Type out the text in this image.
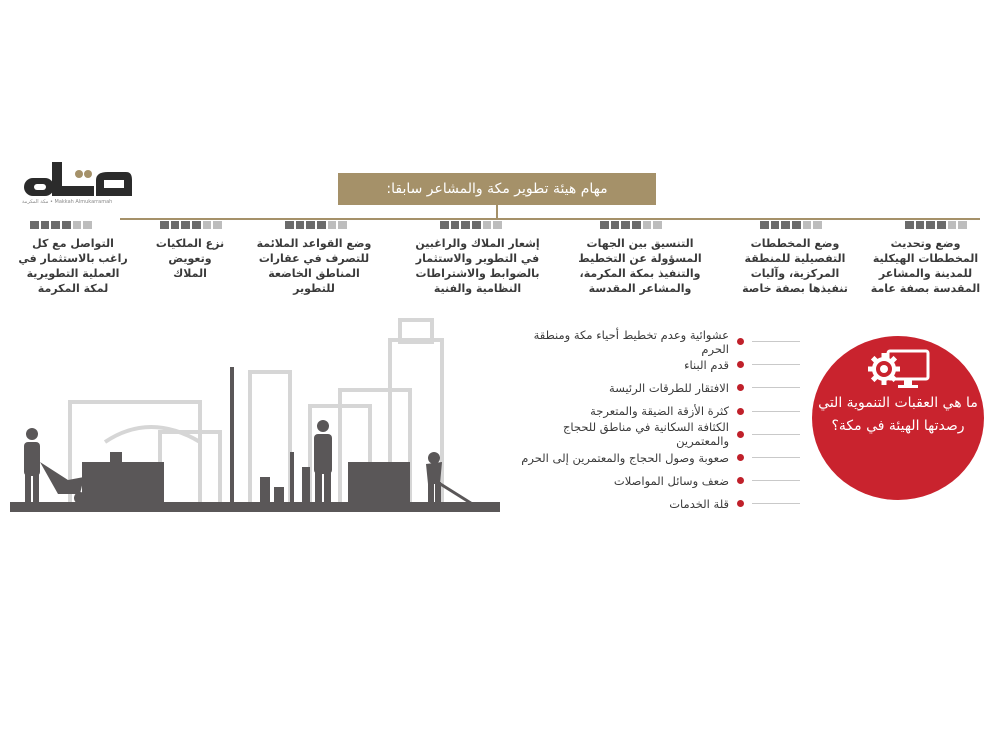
Makkah Almukarramah • مكة المكرمة
مهام هيئة تطوير مكة والمشاعر سابقا:
وضع وتحديث المخططات الهيكلية للمدينة والمشاعر المقدسة بصفة عامة
وضع المخططات التفصيلية للمنطقة المركزية، وآليات تنفيذها بصفة خاصة
التنسيق بين الجهات المسؤولة عن التخطيط والتنفيذ بمكة المكرمة، والمشاعر المقدسة
إشعار الملاك والراغبين في التطوير والاستثمار بالضوابط والاشتراطات النظامية والفنية
وضع القواعد الملائمة للتصرف في عقارات المناطق الخاضعة للتطوير
نزع الملكيات وتعويض الملاك
التواصل مع كل راغب بالاستثمار في العملية التطويرية لمكة المكرمة
عشوائية وعدم تخطيط أحياء مكة ومنطقة الحرم
قدم البناء
الافتقار للطرقات الرئيسة
كثرة الأزقة الضيقة والمتعرجة
الكثافة السكانية في مناطق للحجاج والمعتمرين
صعوبة وصول الحجاج والمعتمرين إلى الحرم
ضعف وسائل المواصلات
قلة الخدمات
ما هي العقبات التنموية التي رصدتها الهيئة في مكة؟
